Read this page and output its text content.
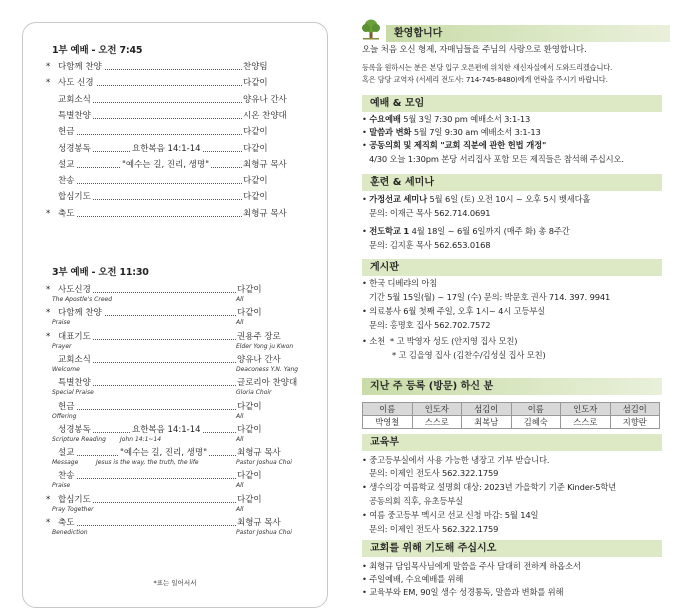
1부 예배 - 오전 7:45
* 다함께 찬양	찬양팀
* 사도 신경	다같이
교회소식	양유나 간사
특별찬양	시온 찬양대
헌금	다같이
성경봉독	요한복음 14:1-14	다같이
설교	"예수는 길, 진리, 생명"	최형규 목사
찬송	다같이
합심기도	다같이
* 축도	최형규 목사
3부 예배 - 오전 11:30
* 사도신경	다같이
The Apostle's Creed	All
* 다함께 찬양	다같이
Praise	All
* 대표기도	권용주 장로
Prayer	Elder Yong ju Kwon
교회소식	양유나 간사
Welcome	Deaconess Y.N. Yang
특별찬양	글로리아 찬양대
Special Praise	Gloria Choir
헌금	다같이
Offering	All
성경봉독	요한복음 14:1-14	다같이
Scripture Reading John 14:1~14	All
설교	"예수는 길, 진리, 생명"	최형규 목사
Message	Jesus is the way, the truth, the life	Pastor Joshua Choi
찬송	다같이
Praise	All
* 합심기도	다같이
Pray Together	All
* 축도	최형규 목사
Benediction	Pastor Joshua Choi
*표는 일어서서
환영합니다
오늘 처음 오신 형제, 자매님들을 주님의 사랑으로 환영합니다.
등록을 원하시는 분은 본당 입구 오른편에 위치한 새신자실에서 도와드리겠습니다.
혹은 담당 교역자 (서세리 전도사: 714-745-8480)에게 연락을 주시기 바랍니다.
예배 & 모임
• 수요예배 5월 3일 7:30 pm 예배소서 3:1-13
• 말씀과 변화 5월 7일 9:30 am 예배소서 3:1-13
• 공동의회 및 제직회 "교회 직분에 관한 헌법 개정"
4/30 오늘 1:30pm 본당 서리집사 포함 모든 제직들은 참석해 주십시오.
훈련 & 세미나
• 가정선교 세미나 5월 6일 (토) 오전 10시 ~ 오후 5시 벳세다홀
문의: 이재근 목사 562.714.0691
• 전도학교 1 4월 18일 ~ 6월 6일까지 (매주 화) 총 8주간
문의: 김지훈 목사 562.653.0168
게시판
• 한국 디베랴의 아침
기간 5월 15일(월) ~ 17일 (수) 문의: 박문호 권사 714. 397. 9941
• 의료봉사 6월 첫째 주일, 오후 1시~ 4시 고등부실
문의: 홍명호 집사 562.702.7572
• 소천 * 고 박영자 성도 (안지영 집사 모친)
* 고 김을영 집사 (김찬수/김성실 집사 모친)
지난 주 등록 (방문) 하신 분
이름	인도자	섬김이	이름	인도자	섬김이
박영철	스스로	최복남	김혜숙	스스로	지향란
교육부
• 중고등부실에서 사용 가능한 냉장고 기부 받습니다.
문의: 이제인 전도사 562.322.1759
• 생수의강 여름학교 설명회 대상: 2023년 가을학기 기준 Kinder-5학년
공동의회 직후, 유초등부실
• 여름 중고등부 멕시코 선교 신청 마감: 5월 14일
문의: 이제인 전도사 562.322.1759
교회를 위해 기도해 주십시오
• 최형규 담임목사님에게 말씀을 주사 담대히 전하게 하옵소서
• 주일예배, 수요예배를 위해
• 교육부와 EM, 90일 생수 성경통독, 말씀과 변화를 위해
